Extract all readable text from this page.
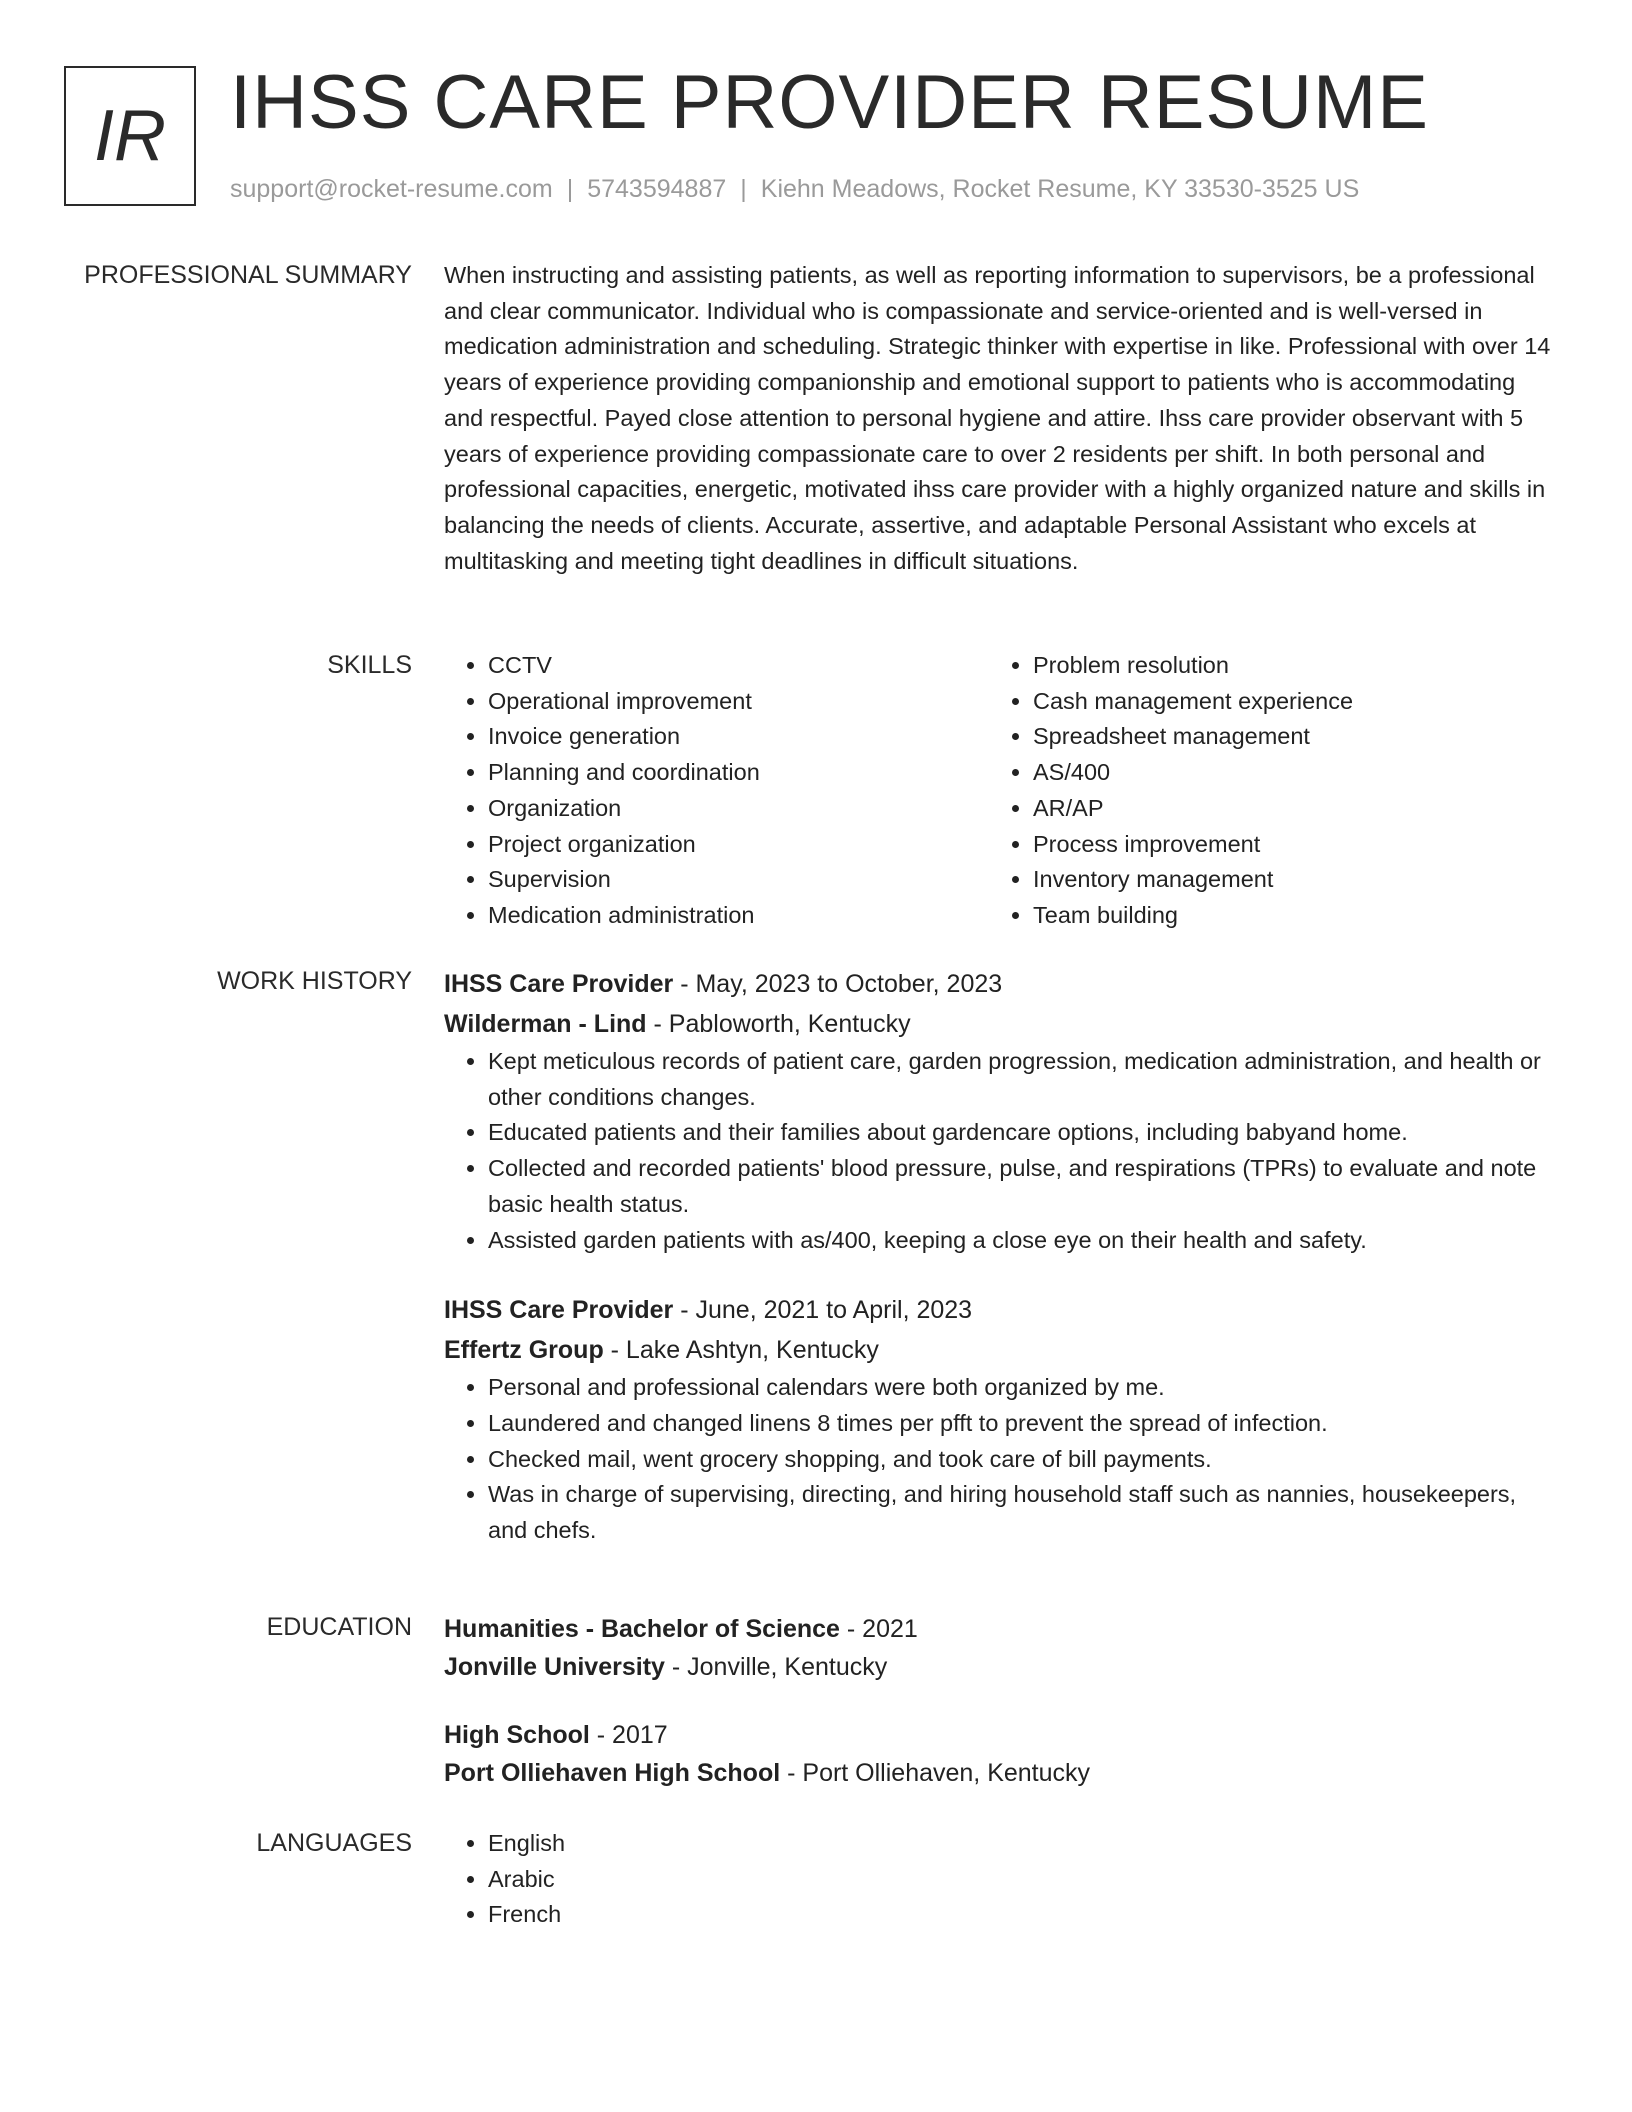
IR IHSS CARE PROVIDER RESUME
support@rocket-resume.com | 5743594887 | Kiehn Meadows, Rocket Resume, KY 33530-3525 US
PROFESSIONAL SUMMARY When instructing and assisting patients, as well as reporting information to supervisors, be a professional and clear communicator. Individual who is compassionate and service-oriented and is well-versed in medication administration and scheduling. Strategic thinker with expertise in like. Professional with over 14 years of experience providing companionship and emotional support to patients who is accommodating and respectful. Payed close attention to personal hygiene and attire. Ihss care provider observant with 5 years of experience providing compassionate care to over 2 residents per shift. In both personal and professional capacities, energetic, motivated ihss care provider with a highly organized nature and skills in balancing the needs of clients. Accurate, assertive, and adaptable Personal Assistant who excels at multitasking and meeting tight deadlines in difficult situations.

SKILLS	• CCTV
• Operational improvement
• Invoice generation
• Planning and coordination
• Organization
• Project organization
• Supervision
• Medication administration
• Problem resolution
• Cash management experience
• Spreadsheet management
• AS/400
• AR/AP
• Process improvement
• Inventory management
• Team building
WORK HISTORY IHSS Care Provider - May, 2023 to October, 2023
Wilderman - Lind - Pabloworth, Kentucky
• Kept meticulous records of patient care, garden progression, medication administration, and health or other conditions changes.
• Educated patients and their families about gardencare options, including babyand home.
• Collected and recorded patients' blood pressure, pulse, and respirations (TPRs) to evaluate and note basic health status.
• Assisted garden patients with as/400, keeping a close eye on their health and safety.
IHSS Care Provider - June, 2021 to April, 2023
Effertz Group - Lake Ashtyn, Kentucky
• Personal and professional calendars were both organized by me.
• Laundered and changed linens 8 times per pfft to prevent the spread of infection.
• Checked mail, went grocery shopping, and took care of bill payments.
• Was in charge of supervising, directing, and hiring household staff such as nannies, housekeepers, and chefs.
EDUCATION Humanities - Bachelor of Science - 2021
Jonville University - Jonville, Kentucky
High School - 2017
Port Olliehaven High School - Port Olliehaven, Kentucky
LANGUAGES	• English
• Arabic
• French
